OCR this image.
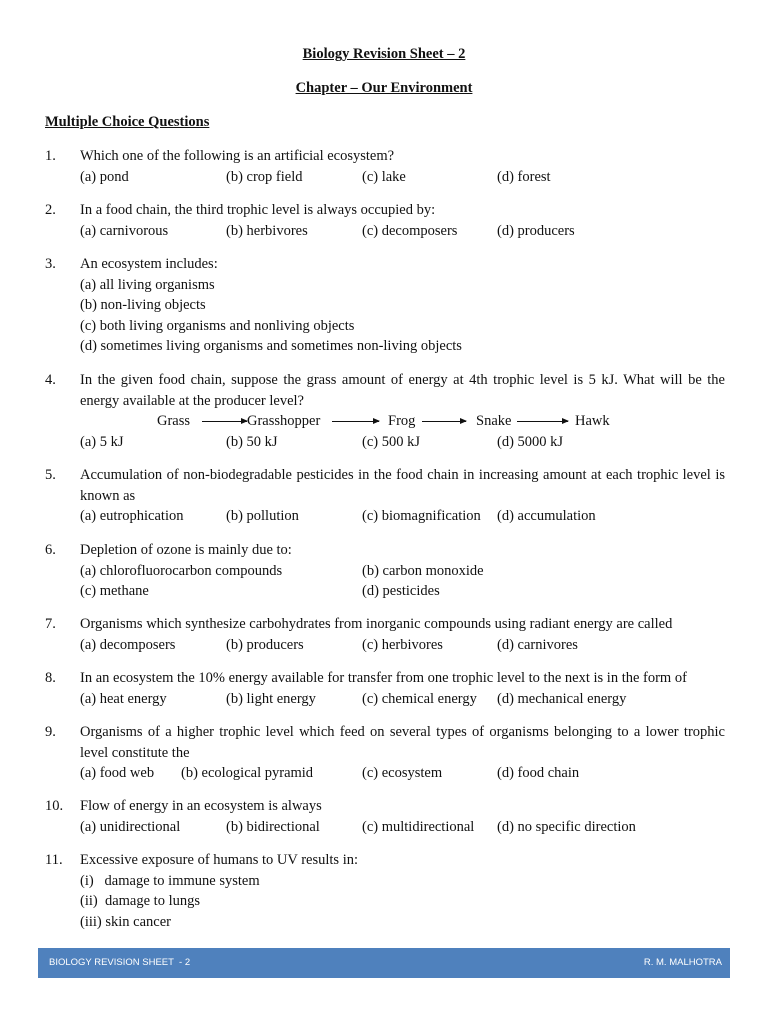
Biology Revision Sheet – 2
Chapter – Our Environment
Multiple Choice Questions
1. Which one of the following is an artificial ecosystem?
(a) pond	(b) crop field	(c) lake	(d) forest
2. In a food chain, the third trophic level is always occupied by:
(a) carnivorous	(b) herbivores	(c) decomposers	(d) producers
3. An ecosystem includes:
(a) all living organisms
(b) non-living objects
(c) both living organisms and nonliving objects
(d) sometimes living organisms and sometimes non-living objects
4. In the given food chain, suppose the grass amount of energy at 4th trophic level is 5 kJ. What will be the energy available at the producer level?
Grass	Grasshopper	Frog	Snake	Hawk
(a) 5 kJ	(b) 50 kJ	(c) 500 kJ	(d) 5000 kJ
5. Accumulation of non-biodegradable pesticides in the food chain in increasing amount at each trophic level is known as
(a) eutrophication	(b) pollution	(c) biomagnification (d) accumulation
6. Depletion of ozone is mainly due to:
(a) chlorofluorocarbon compounds	(b) carbon monoxide
(c) methane	(d) pesticides
7. Organisms which synthesize carbohydrates from inorganic compounds using radiant energy are called
(a) decomposers	(b) producers	(c) herbivores	(d) carnivores
8. In an ecosystem the 10% energy available for transfer from one trophic level to the next is in the form of
(a) heat energy	(b) light energy	(c) chemical energy (d) mechanical energy
9. Organisms of a higher trophic level which feed on several types of organisms belonging to a lower trophic level constitute the
(a) food web (b) ecological pyramid	(c) ecosystem	(d) food chain
10. Flow of energy in an ecosystem is always
(a) unidirectional	(b) bidirectional	(c) multidirectional (d) no specific direction
11. Excessive exposure of humans to UV results in:
(i)   damage to immune system
(ii)  damage to lungs
(iii) skin cancer
BIOLOGY REVISION SHEET  - 2	R. M. MALHOTRA
